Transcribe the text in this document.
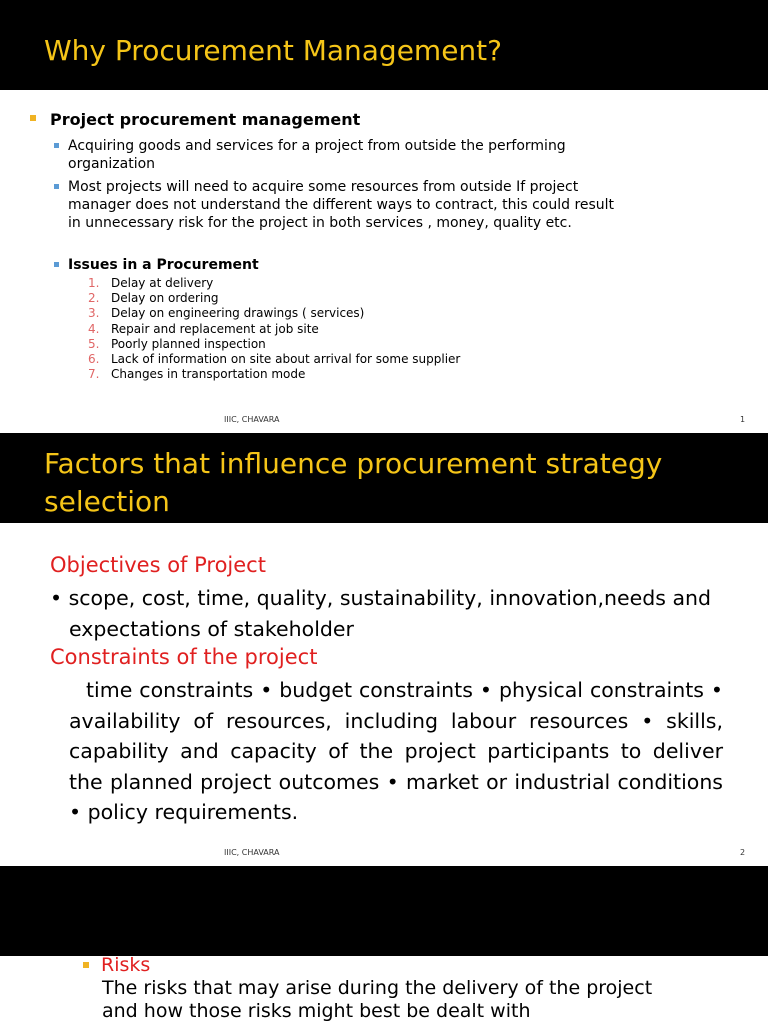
Why Procurement Management?
Project procurement management
Acquiring goods and services for a project from outside the performing organization
Most projects will need to acquire some resources from outside If project manager does not understand the different ways to contract, this could result in unnecessary risk for the project in both services , money, quality etc.
Issues in a Procurement
1. Delay at delivery
2. Delay on ordering
3. Delay on engineering drawings ( services)
4. Repair and replacement at job site
5. Poorly planned inspection
6. Lack of information on site about arrival for some supplier
7. Changes in transportation mode
IIIC, CHAVARA	1
Factors that influence procurement strategy selection
Objectives of Project
• scope, cost, time, quality, sustainability, innovation,needs and expectations of stakeholder
Constraints of the project
time constraints • budget constraints • physical constraints • availability of resources, including labour resources • skills, capability and capacity of the project participants to deliver the planned project outcomes • market or industrial conditions • policy requirements.
IIIC, CHAVARA	2
Risks
The risks that may arise during the delivery of the project and how those risks might best be dealt with
